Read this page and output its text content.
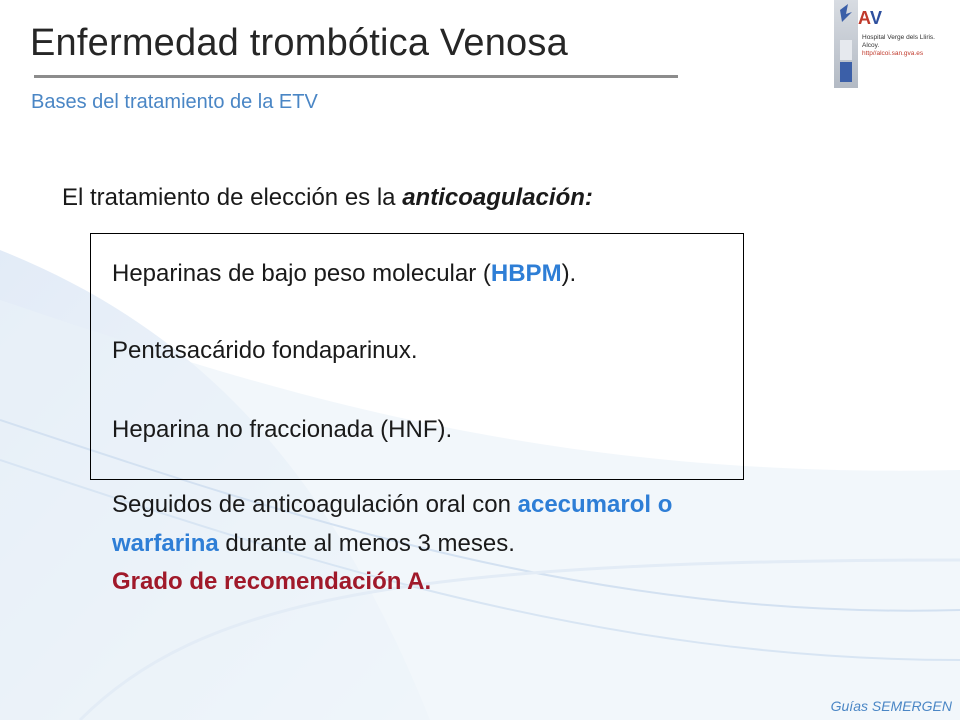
Enfermedad trombótica Venosa
Bases del tratamiento de la ETV
A V
Hospital Verge dels Lliris.
Alcoy.
http//alcoi.san.gva.es
El tratamiento de elección es la anticoagulación:
Heparinas de bajo peso molecular (HBPM).
Pentasacárido fondaparinux.
Heparina no fraccionada (HNF).
Seguidos de anticoagulación oral con acecumarol o
warfarina durante al menos 3 meses.
Grado de recomendación A.
Guías SEMERGEN
